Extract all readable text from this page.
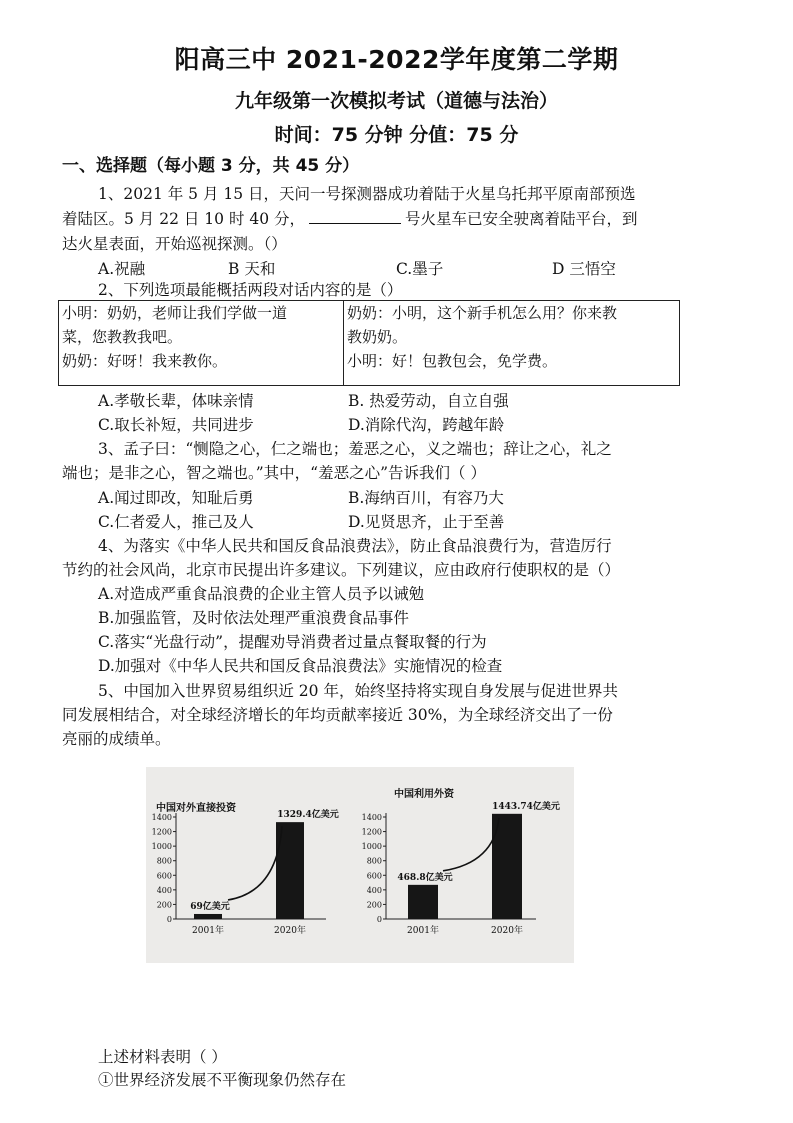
阳高三中 2021-2022学年度第二学期
九年级第一次模拟考试（道德与法治）
时间：75 分钟 分值：75 分
一、选择题（每小题 3 分，共 45 分）
1、2021 年 5 月 15 日，天问一号探测器成功着陆于火星乌托邦平原南部预选
着陆区。5 月 22 日 10 时 40 分，	号火星车已安全驶离着陆平台，到
达火星表面，开始巡视探测。（）
A.祝融	B 天和	C.墨子	D 三悟空
2、下列选项最能概括两段对话内容的是（）
小明：奶奶，老师让我们学做一道
菜，您教教我吧。
奶奶：好呀！我来教你。
奶奶：小明，这个新手机怎么用？你来教
教奶奶。
小明：好！包教包会，免学费。
A.孝敬长辈，体味亲情	B. 热爱劳动，自立自强
C.取长补短，共同进步	D.消除代沟，跨越年龄
3、孟子曰：“恻隐之心，仁之端也；羞恶之心，义之端也；辞让之心，礼之
端也；是非之心，智之端也。”其中，“羞恶之心”告诉我们（ ）
A.闻过即改，知耻后勇	B.海纳百川，有容乃大
C.仁者爱人，推己及人	D.见贤思齐，止于至善
4、为落实《中华人民共和国反食品浪费法》，防止食品浪费行为，营造厉行
节约的社会风尚，北京市民提出许多建议。下列建议，应由政府行使职权的是（）
A.对造成严重食品浪费的企业主管人员予以诫勉
B.加强监管，及时依法处理严重浪费食品事件
C.落实“光盘行动”，提醒劝导消费者过量点餐取餐的行为
D.加强对《中华人民共和国反食品浪费法》实施情况的检查
5、中国加入世界贸易组织近 20 年，始终坚持将实现自身发展与促进世界共
同发展相结合，对全球经济增长的年均贡献率接近 30%，为全球经济交出了一份
亮丽的成绩单。
中国对外直接投资
0
200
400
600
800
1000
1200
1400
2001年
69亿美元
2020年
1329.4亿美元
中国利用外资
0
200
400
600
800
1000
1200
1400
2001年
468.8亿美元
2020年
1443.74亿美元
上述材料表明（ ）
①世界经济发展不平衡现象仍然存在
